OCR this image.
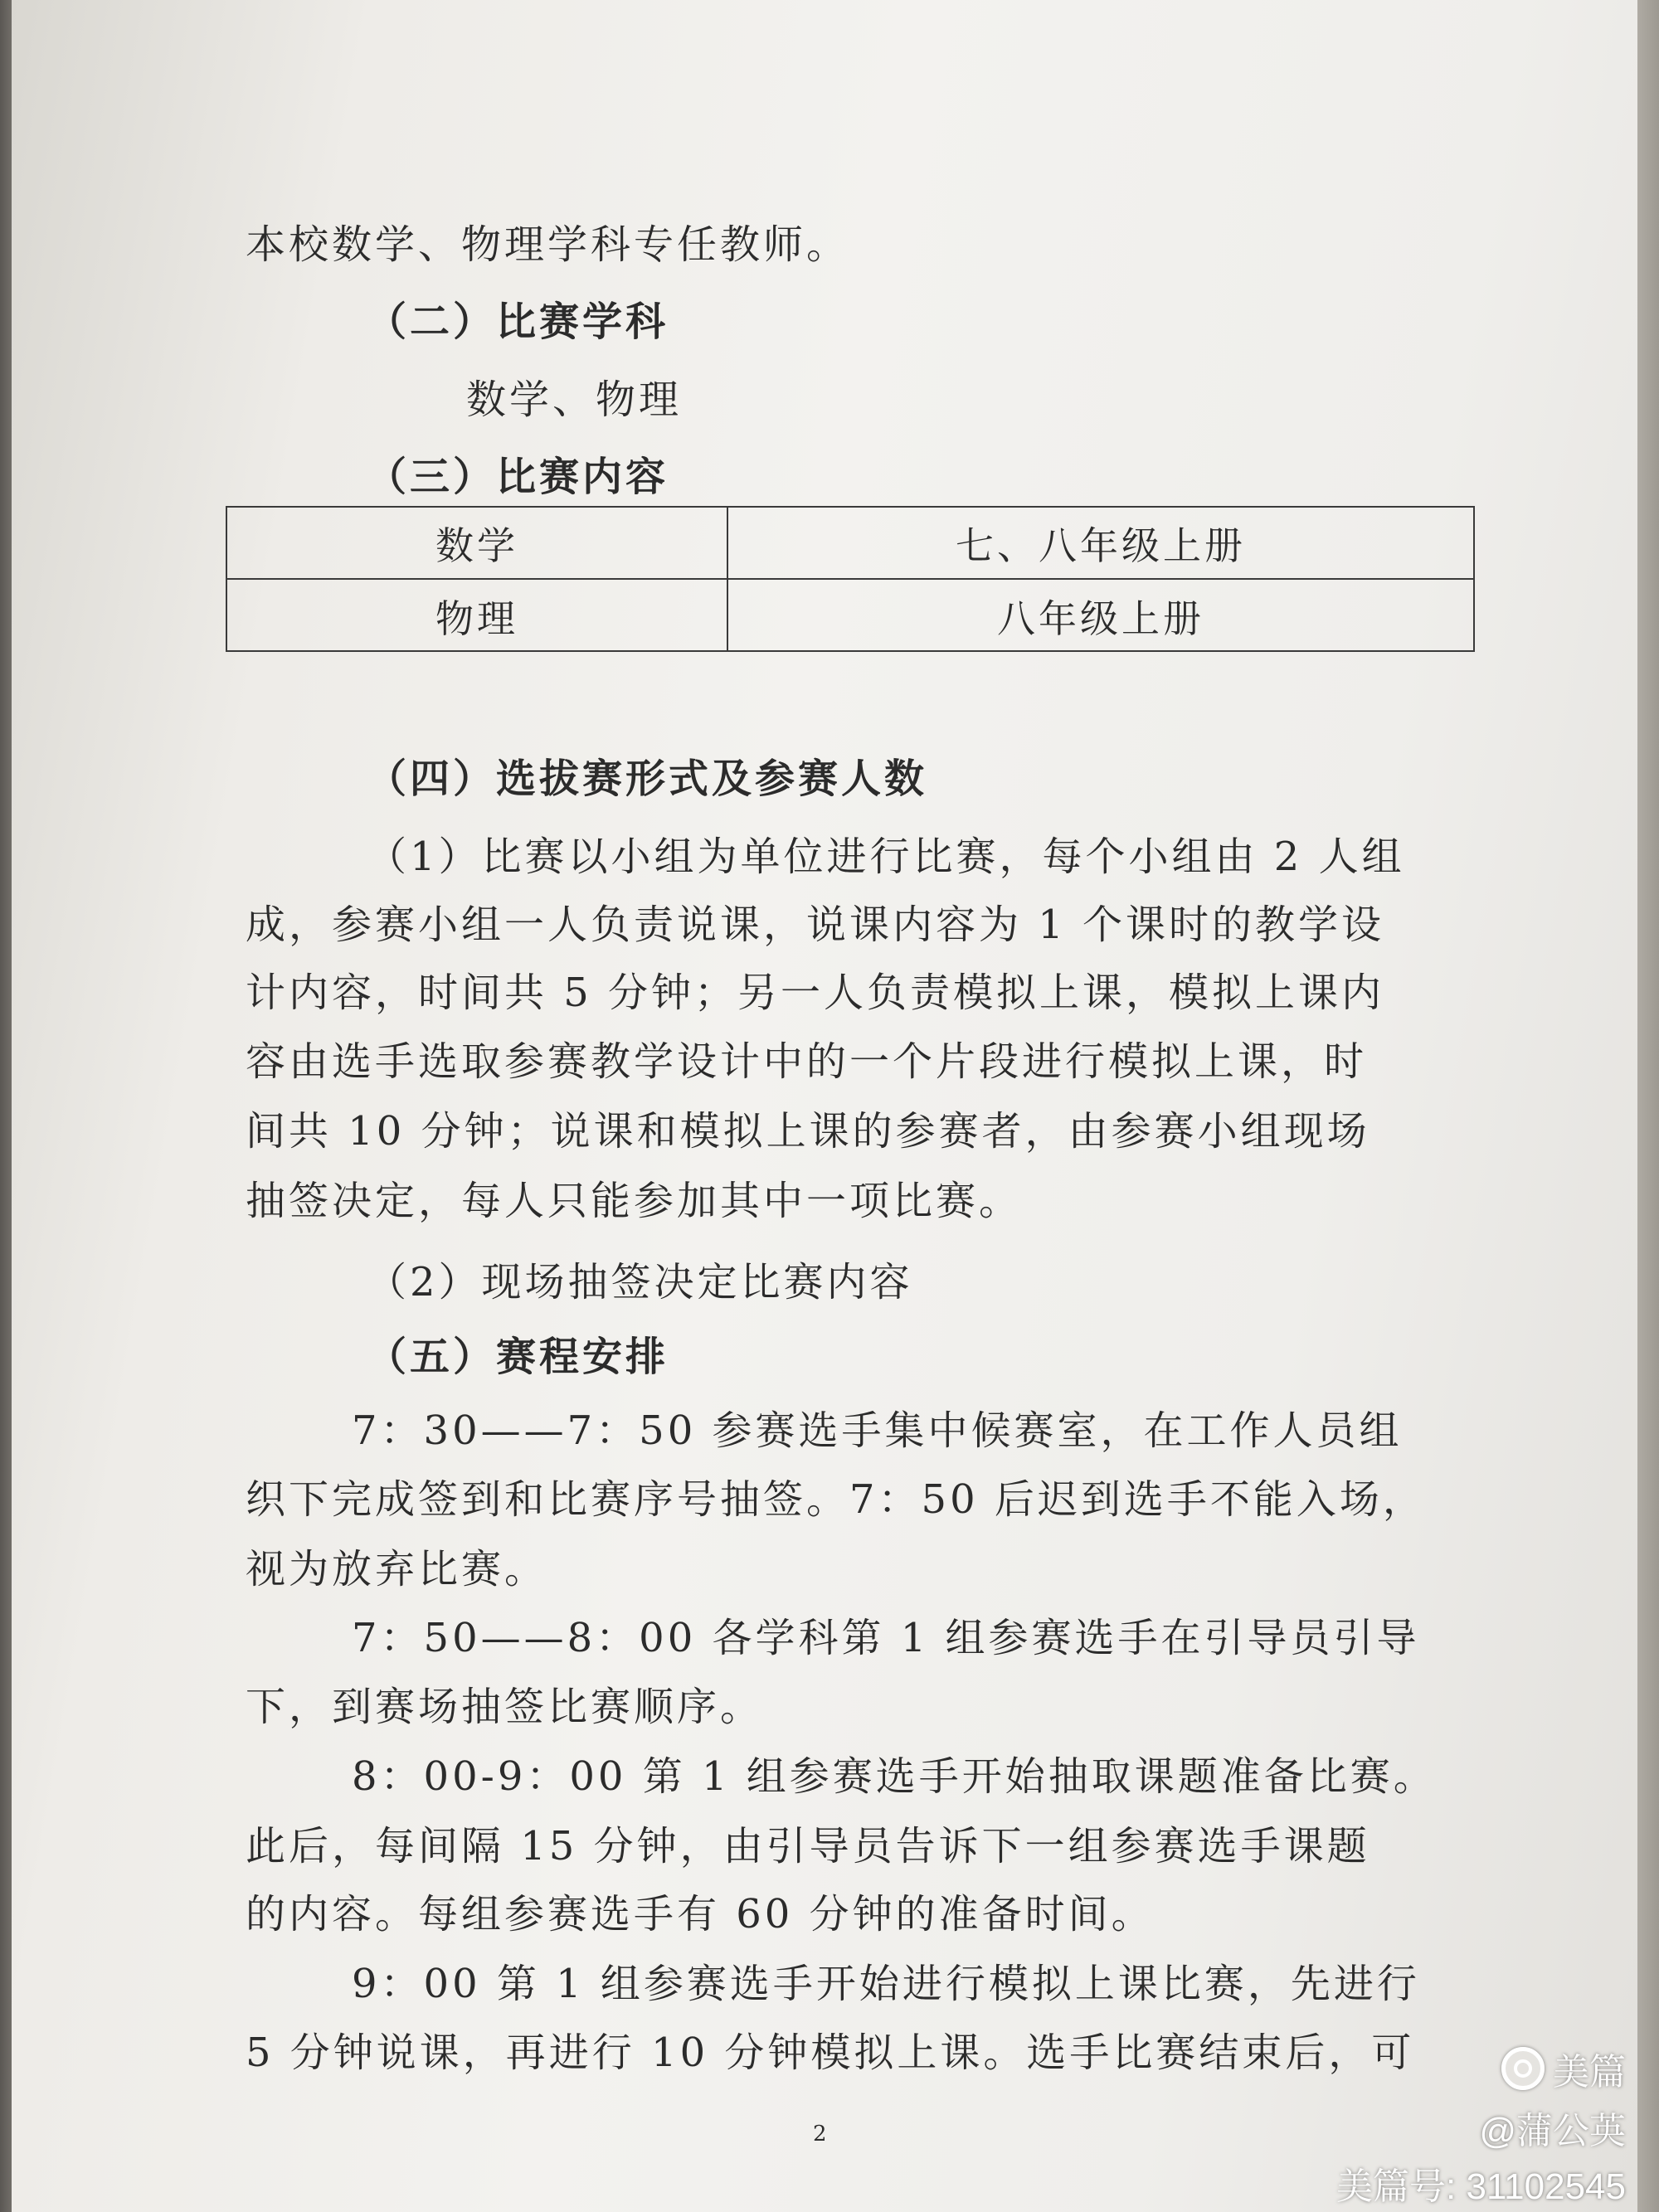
本校数学、物理学科专任教师。
（二）比赛学科
数学、物理
（三）比赛内容
数学	七、八年级上册
物理	八年级上册
（四）选拔赛形式及参赛人数
（1）比赛以小组为单位进行比赛，每个小组由 2 人组
成，参赛小组一人负责说课，说课内容为 1 个课时的教学设
计内容，时间共 5 分钟；另一人负责模拟上课，模拟上课内
容由选手选取参赛教学设计中的一个片段进行模拟上课，时
间共 10 分钟；说课和模拟上课的参赛者，由参赛小组现场
抽签决定，每人只能参加其中一项比赛。
（2）现场抽签决定比赛内容
（五）赛程安排
7：30——7：50 参赛选手集中候赛室，在工作人员组
织下完成签到和比赛序号抽签。7：50 后迟到选手不能入场，
视为放弃比赛。
7：50——8：00 各学科第 1 组参赛选手在引导员引导
下，到赛场抽签比赛顺序。
8：00-9：00 第 1 组参赛选手开始抽取课题准备比赛。
此后，每间隔 15 分钟，由引导员告诉下一组参赛选手课题
的内容。每组参赛选手有 60 分钟的准备时间。
9：00 第 1 组参赛选手开始进行模拟上课比赛，先进行
5 分钟说课，再进行 10 分钟模拟上课。选手比赛结束后，可
2
美篇
@蒲公英
美篇号: 31102545
